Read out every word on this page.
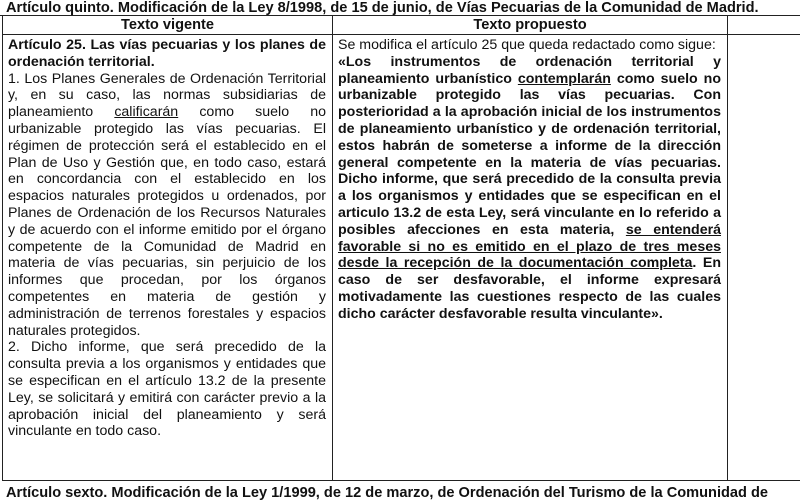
Artículo quinto. Modificación de la Ley 8/1998, de 15 de junio, de Vías Pecuarias de la Comunidad de Madrid.
Texto vigente

Artículo 25. Las vías pecuarias y los planes de ordenación territorial.

1. Los Planes Generales de Ordenación Territorial y, en su caso, las normas subsidiarias de planeamiento calificarán como suelo no urbanizable protegido las vías pecuarias. El régimen de protección será el establecido en el Plan de Uso y Gestión que, en todo caso, estará en concordancia con el establecido en los espacios naturales protegidos u ordenados, por Planes de Ordenación de los Recursos Naturales y de acuerdo con el informe emitido por el órgano competente de la Comunidad de Madrid en materia de vías pecuarias, sin perjuicio de los informes que procedan, por los órganos competentes en materia de gestión y administración de terrenos forestales y espacios naturales protegidos.

2. Dicho informe, que será precedido de la consulta previa a los organismos y entidades que se especifican en el artículo 13.2 de la presente Ley, se solicitará y emitirá con carácter previo a la aprobación inicial del planeamiento y será vinculante en todo caso.

Texto propuesto

Se modifica el artículo 25 que queda redactado como sigue:

«Los instrumentos de ordenación territorial y planeamiento urbanístico contemplarán como suelo no urbanizable protegido las vías pecuarias. Con posterioridad a la aprobación inicial de los instrumentos de planeamiento urbanístico y de ordenación territorial, estos habrán de someterse a informe de la dirección general competente en la materia de vías pecuarias. Dicho informe, que será precedido de la consulta previa a los organismos y entidades que se especifican en el articulo 13.2 de esta Ley, será vinculante en lo referido a posibles afecciones en esta materia, se entenderá favorable si no es emitido en el plazo de tres meses desde la recepción de la documentación completa. En caso de ser desfavorable, el informe expresará motivadamente las cuestiones respecto de las cuales dicho carácter desfavorable resulta vinculante».

Artículo sexto. Modificación de la Ley 1/1999, de 12 de marzo, de Ordenación del Turismo de la Comunidad de
